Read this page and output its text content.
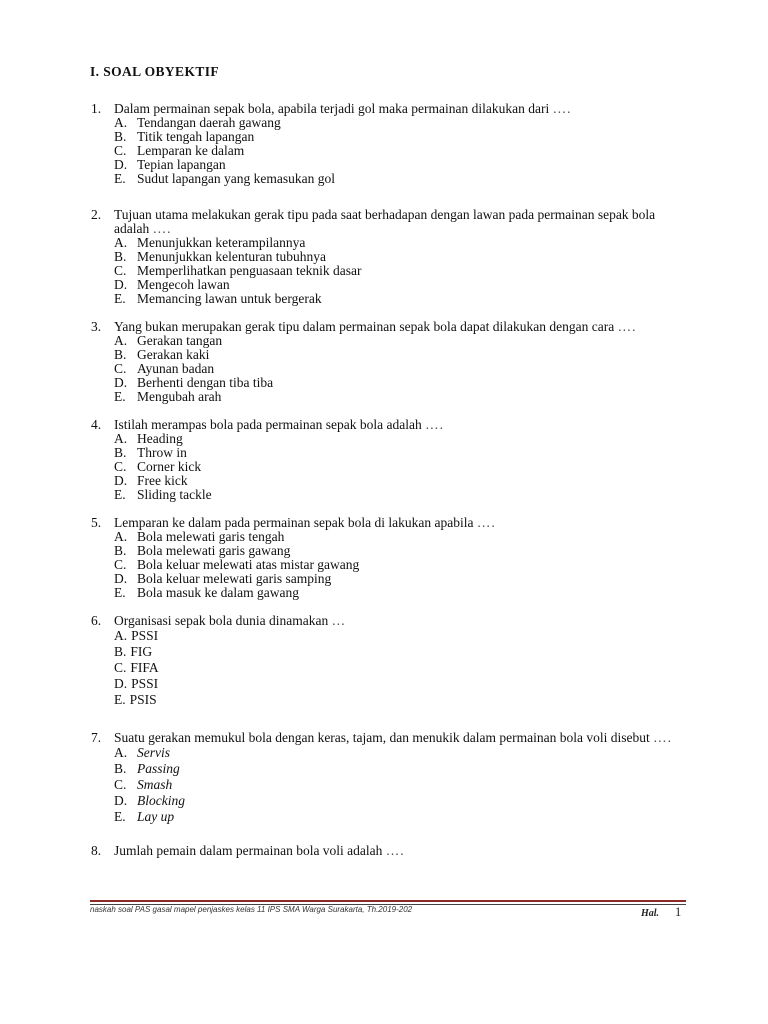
I. SOAL OBYEKTIF
1. Dalam permainan sepak bola, apabila terjadi gol maka permainan dilakukan dari ….
A. Tendangan daerah gawang
B. Titik tengah lapangan
C. Lemparan ke dalam
D. Tepian lapangan
E. Sudut lapangan yang kemasukan gol
2. Tujuan utama melakukan gerak tipu pada saat berhadapan dengan lawan pada permainan sepak bola adalah ….
A. Menunjukkan keterampilannya
B. Menunjukkan kelenturan tubuhnya
C. Memperlihatkan penguasaan teknik dasar
D. Mengecoh lawan
E. Memancing lawan untuk bergerak
3. Yang bukan merupakan gerak tipu dalam permainan sepak bola dapat dilakukan dengan cara ….
A. Gerakan tangan
B. Gerakan kaki
C. Ayunan badan
D. Berhenti dengan tiba tiba
E. Mengubah arah
4. Istilah merampas bola pada permainan sepak bola adalah ….
A. Heading
B. Throw in
C. Corner kick
D. Free kick
E. Sliding tackle
5. Lemparan ke dalam pada permainan sepak bola di lakukan apabila ….
A. Bola melewati garis tengah
B. Bola melewati garis gawang
C. Bola keluar melewati atas mistar gawang
D. Bola keluar melewati garis samping
E. Bola masuk ke dalam gawang
6. Organisasi sepak bola dunia dinamakan …
A. PSSI
B. FIG
C. FIFA
D. PSSI
E. PSIS
7. Suatu gerakan memukul bola dengan keras, tajam, dan menukik dalam permainan bola voli disebut ….
A. Servis
B. Passing
C. Smash
D. Blocking
E. Lay up
8. Jumlah pemain dalam permainan bola voli adalah ….
naskah soal PAS gasal mapel penjaskes kelas 11 IPS SMA Warga Surakarta, Th.2019-202	Hal. 1
